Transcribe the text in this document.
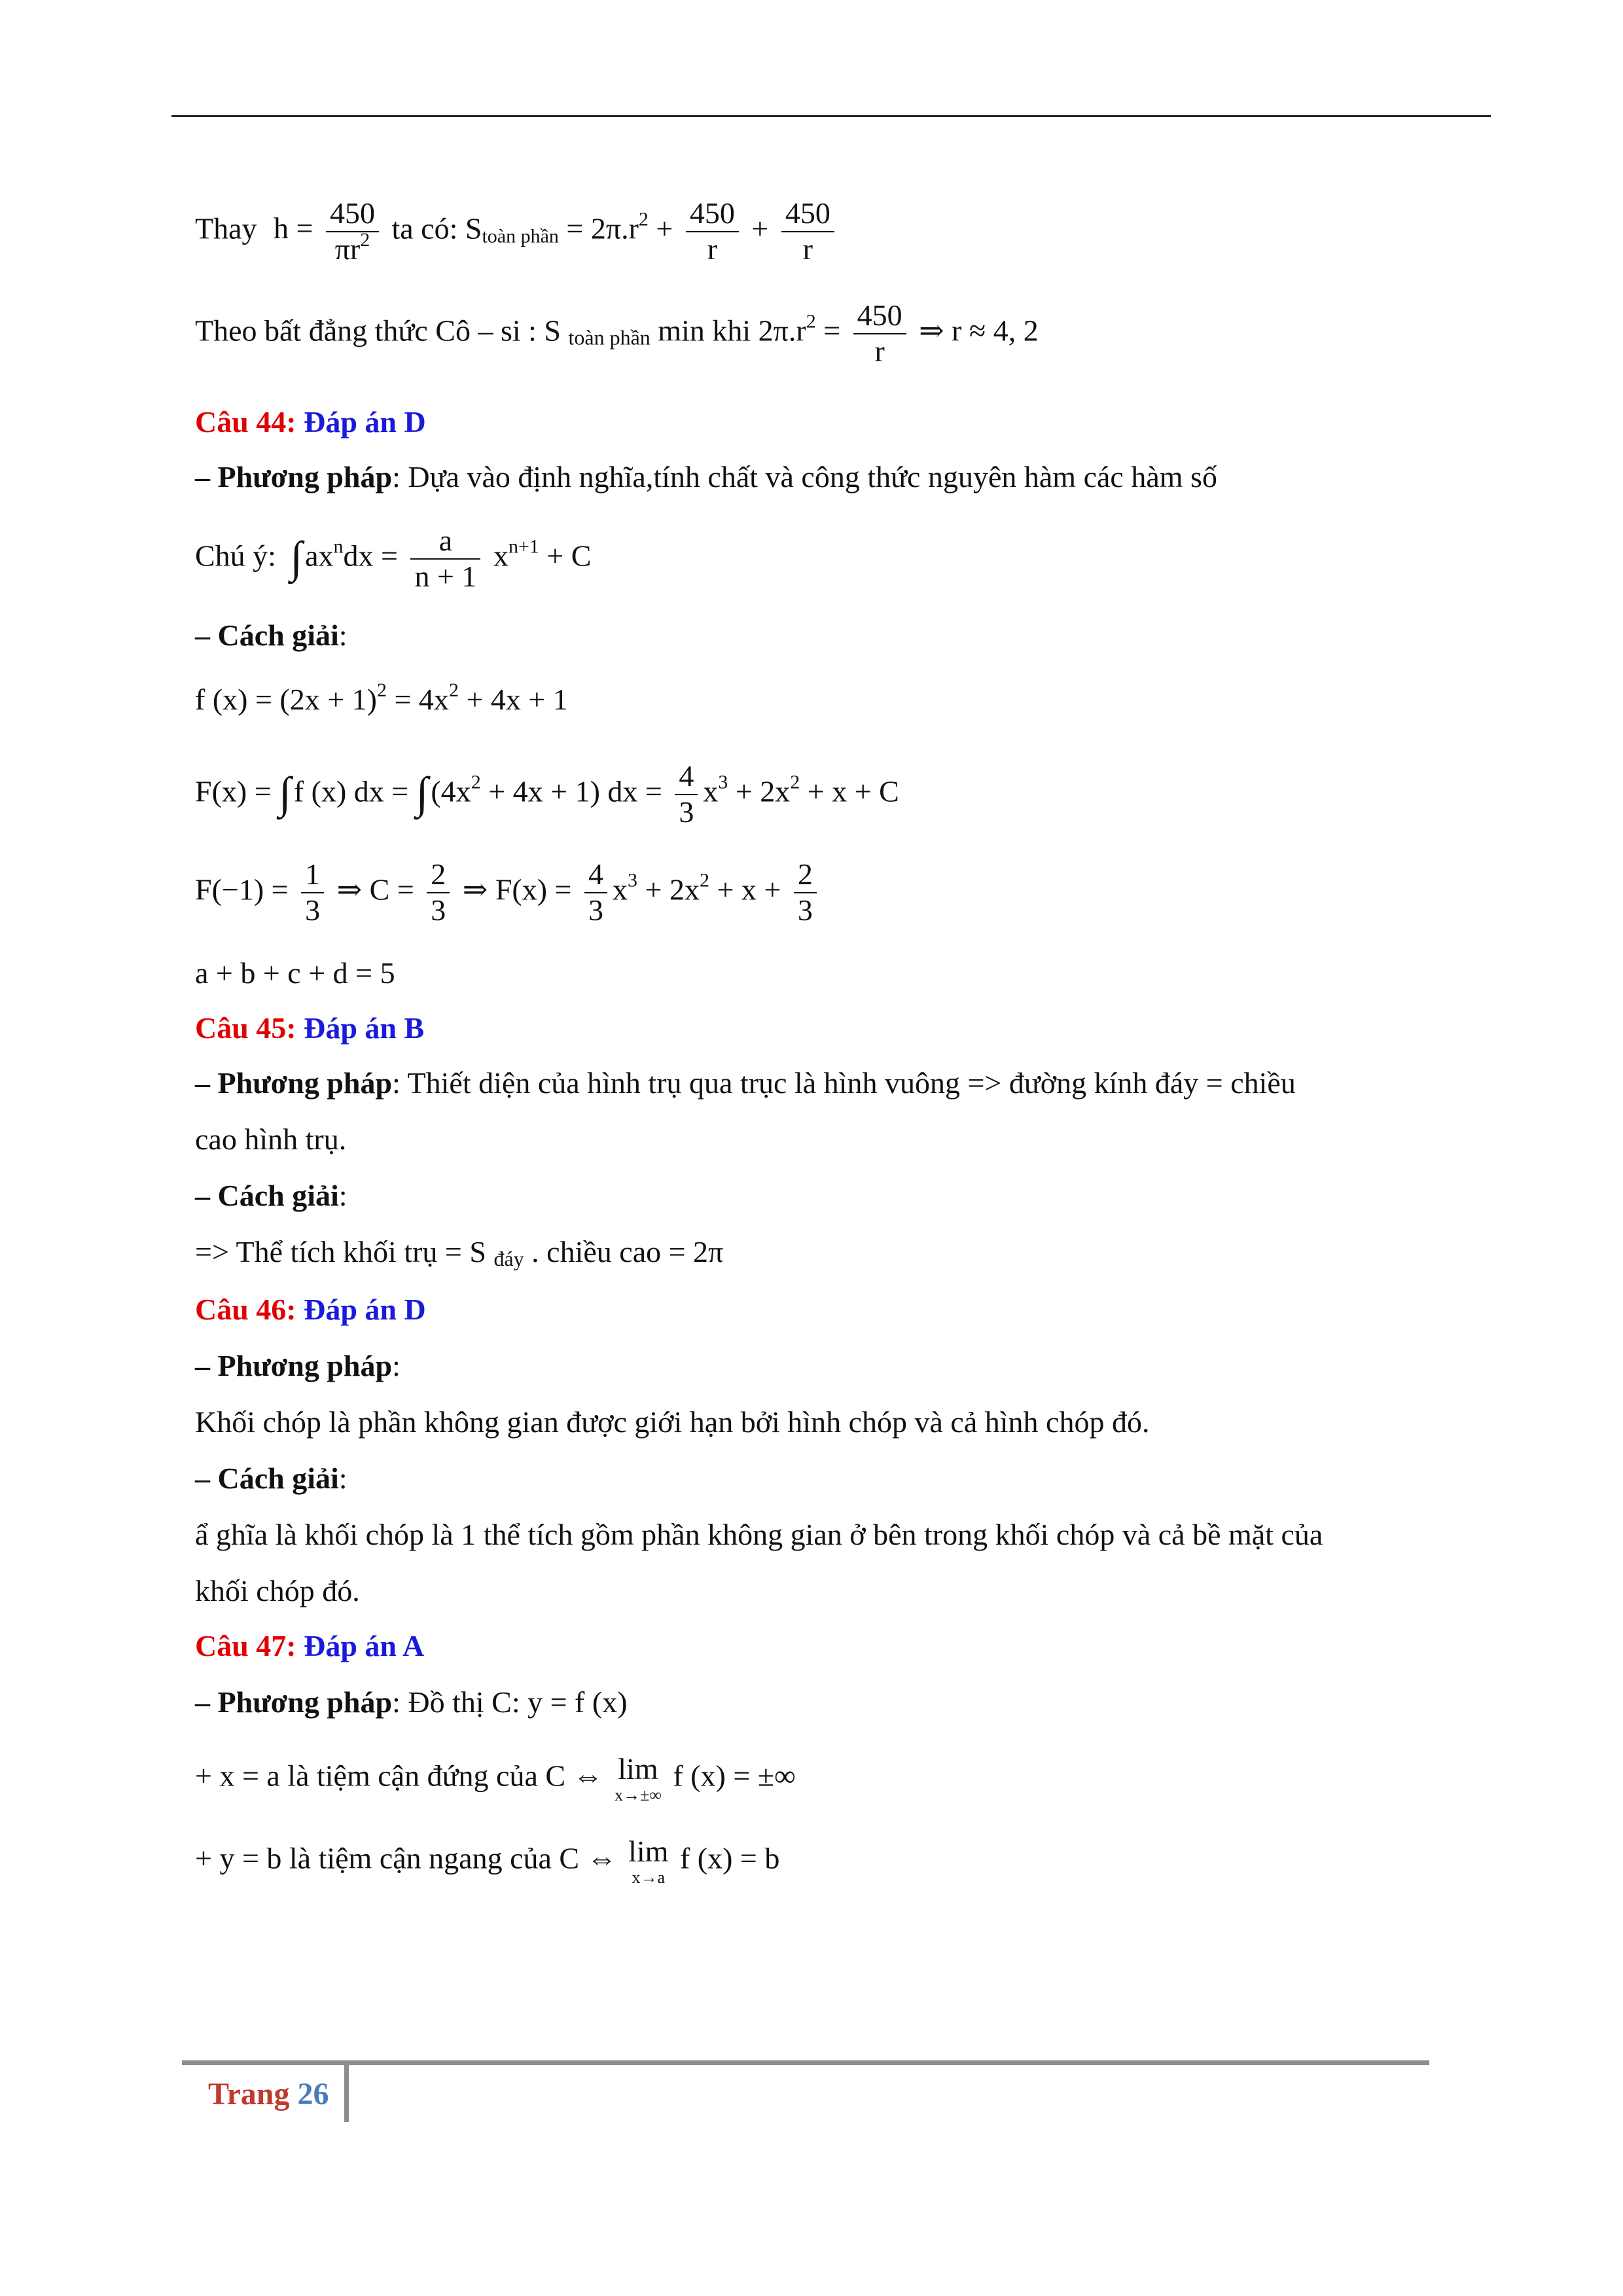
Thay $h = \frac{450}{\pi r^2}$ ta có: $S_{toàn phần} = 2\pi.r^2 + \frac{450}{r} + \frac{450}{r}$
Theo bất đẳng thức Cô – si : S $_{toàn phần}$ min khi $2\pi.r^2 = \frac{450}{r}$ ⇒ r ≈ 4, 2
Câu 44: Đáp án D
– Phương pháp: Dựa vào định nghĩa,tính chất và công thức nguyên hàm các hàm số
Chú ý: $\int ax^ndx = \frac{a}{n + 1} x^{n+1} + C$
– Cách giải:
f $(x) = (2x + 1)^2 = 4x^2 + 4x + 1$
F(x) = ∫f (x) dx = $\int(4x^2 + 4x + 1)$ dx = $\frac{4}{3} x^3 + 2x^2 + x + C$
$F(-1) = \frac{1}{3}$ ⇒ $C = \frac{2}{3}$ ⇒ $F(x) = \frac{4}{3} x^3 + 2x^2 + x + \frac{2}{3}$
a + b + c + d = 5
Câu 45: Đáp án B
– Phương pháp: Thiết diện của hình trụ qua trục là hình vuông => đường kính đáy = chiều
cao hình trụ.
– Cách giải:
=> Thể tích khối trụ = S $_{đáy}$ . chiều cao = 2π
Câu 46: Đáp án D
– Phương pháp:
Khối chóp là phần không gian được giới hạn bởi hình chóp và cả hình chóp đó.
– Cách giải:
ẩ ghĩa là khối chóp là 1 thể tích gồm phần không gian ở bên trong khối chóp và cả bề mặt của
khối chóp đó.
Câu 47: Đáp án A
– Phương pháp: Đồ thị C: y = f (x)
+ x = a là tiệm cận đứng của C ⇔ lim
x→±∞
f (x) = ±∞
+ y = b là tiệm cận ngang của C ⇔ lim
x→a
f (x) = b
Trang 26
